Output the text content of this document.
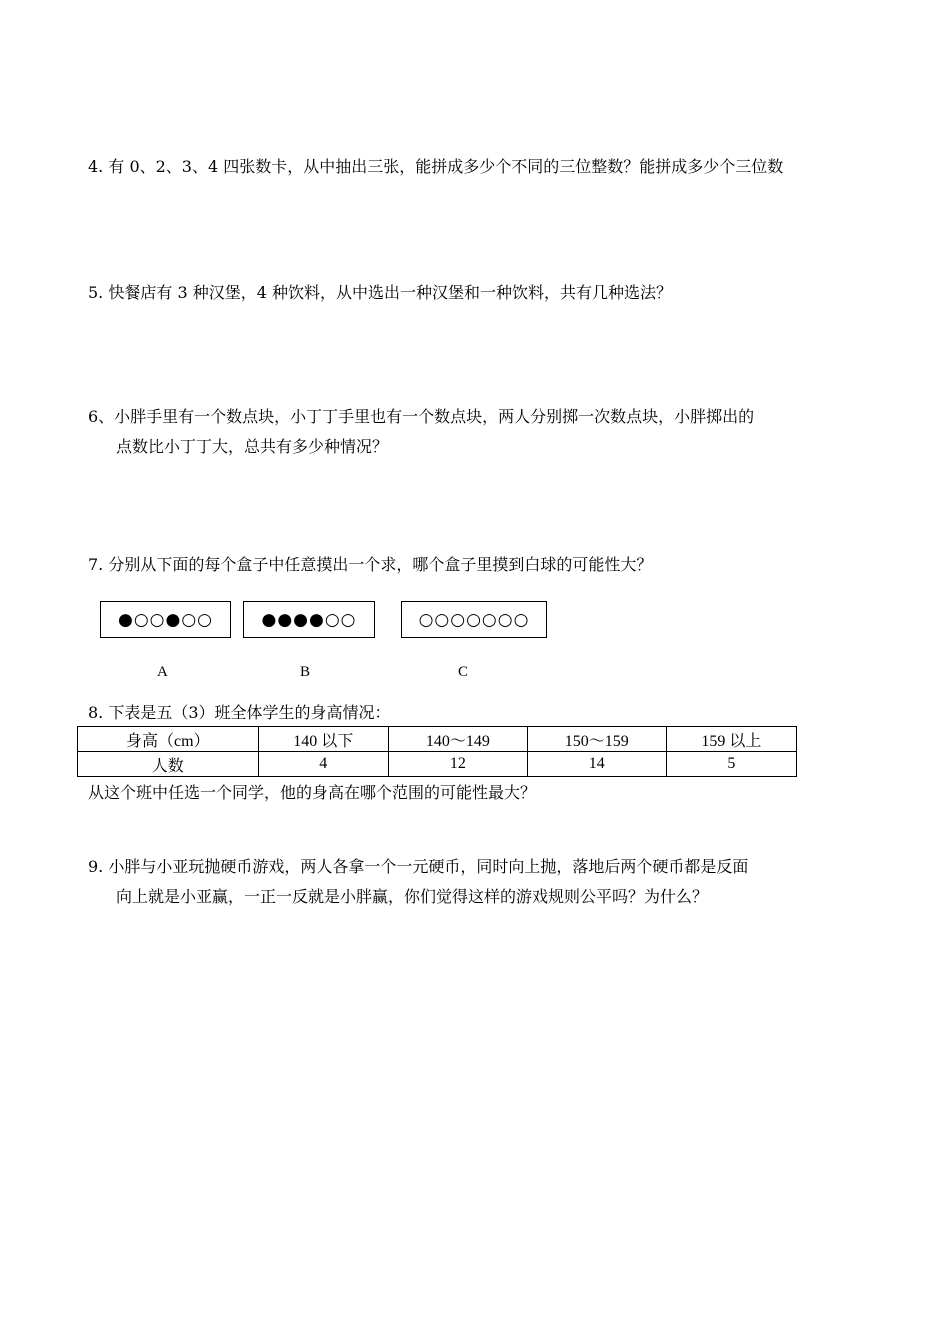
4. 有 0、2、3、4 四张数卡，从中抽出三张，能拼成多少个不同的三位整数？能拼成多少个三位数
5. 快餐店有 3 种汉堡，4 种饮料，从中选出一种汉堡和一种饮料，共有几种选法？
6、小胖手里有一个数点块，小丁丁手里也有一个数点块，两人分别掷一次数点块，小胖掷出的
点数比小丁丁大，总共有多少种情况？
7. 分别从下面的每个盒子中任意摸出一个求，哪个盒子里摸到白球的可能性大？
●○○●○○	●●●●○○	○○○○○○○
A	B	C
8. 下表是五（3）班全体学生的身高情况：
身高（cm）	140 以下	140～149	150～159	159 以上
人数	4	12	14	5
从这个班中任选一个同学，他的身高在哪个范围的可能性最大？
9. 小胖与小亚玩抛硬币游戏，两人各拿一个一元硬币，同时向上抛，落地后两个硬币都是反面
向上就是小亚赢，一正一反就是小胖赢，你们觉得这样的游戏规则公平吗？为什么？
